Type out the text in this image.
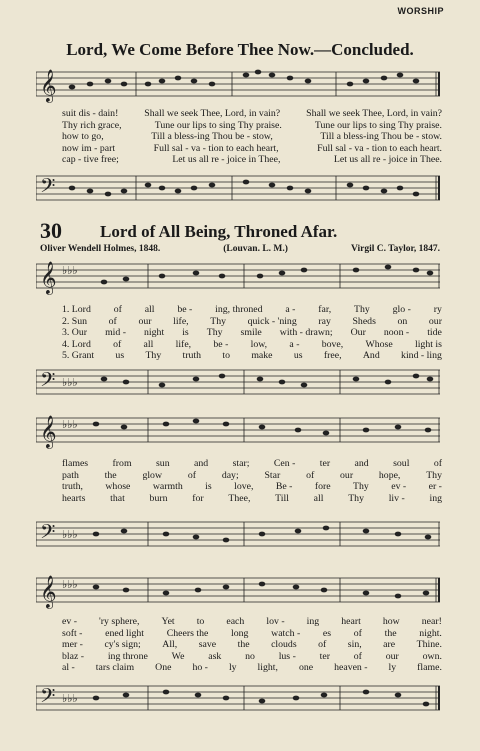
WORSHIP
Lord, We Come Before Thee Now.—Concluded.
𝄞
suit dis - dain!	Shall we seek Thee, Lord, in vain?	Shall we seek Thee, Lord, in vain?
Thy rich grace,	Tune our lips to sing Thy praise.	Tune our lips to sing Thy praise.
how to go,	Till a bless-ing Thou be - stow,	Till a bless-ing Thou be - stow.
now im - part	Full sal - va - tion to each heart,	Full sal - va - tion to each heart.
cap - tive free;	Let us all re - joice in Thee,	Let us all re - joice in Thee.
𝄢
30 Lord of All Being, Throned Afar.
Oliver Wendell Holmes, 1848.	(Louvan. L. M.)	Virgil C. Taylor, 1847.
𝄞 ♭♭♭
1. Lord of all be - ing, throned a - far, Thy glo - ry
2. Sun of our life, Thy quick - 'ning ray Sheds on our
3. Our mid - night is Thy smile with - drawn; Our noon - tide
4. Lord of all life, be - low, a - bove, Whose light is
5. Grant us Thy truth to make us free, And kind - ling
𝄢 ♭♭♭
𝄞 ♭♭♭
flames from sun and star; Cen - ter and soul of
path	the	glow	of	day;	Star	of	our	hope,	Thy
truth, whose warmth is love, Be - fore Thy ev - er -
hearts	that	burn	for	Thee,	Till	all	Thy	liv -	ing
𝄢 ♭♭♭
𝄞 ♭♭♭
ev - 'ry sphere, Yet to each lov - ing heart how near!
soft - ened light Cheers the long watch - es of the night.
mer - cy's sign; All, save the clouds of sin, are Thine.
blaz - ing throne We ask no lus - ter of our own.
al - tars claim One ho - ly light, one heaven - ly flame.
𝄢 ♭♭♭
